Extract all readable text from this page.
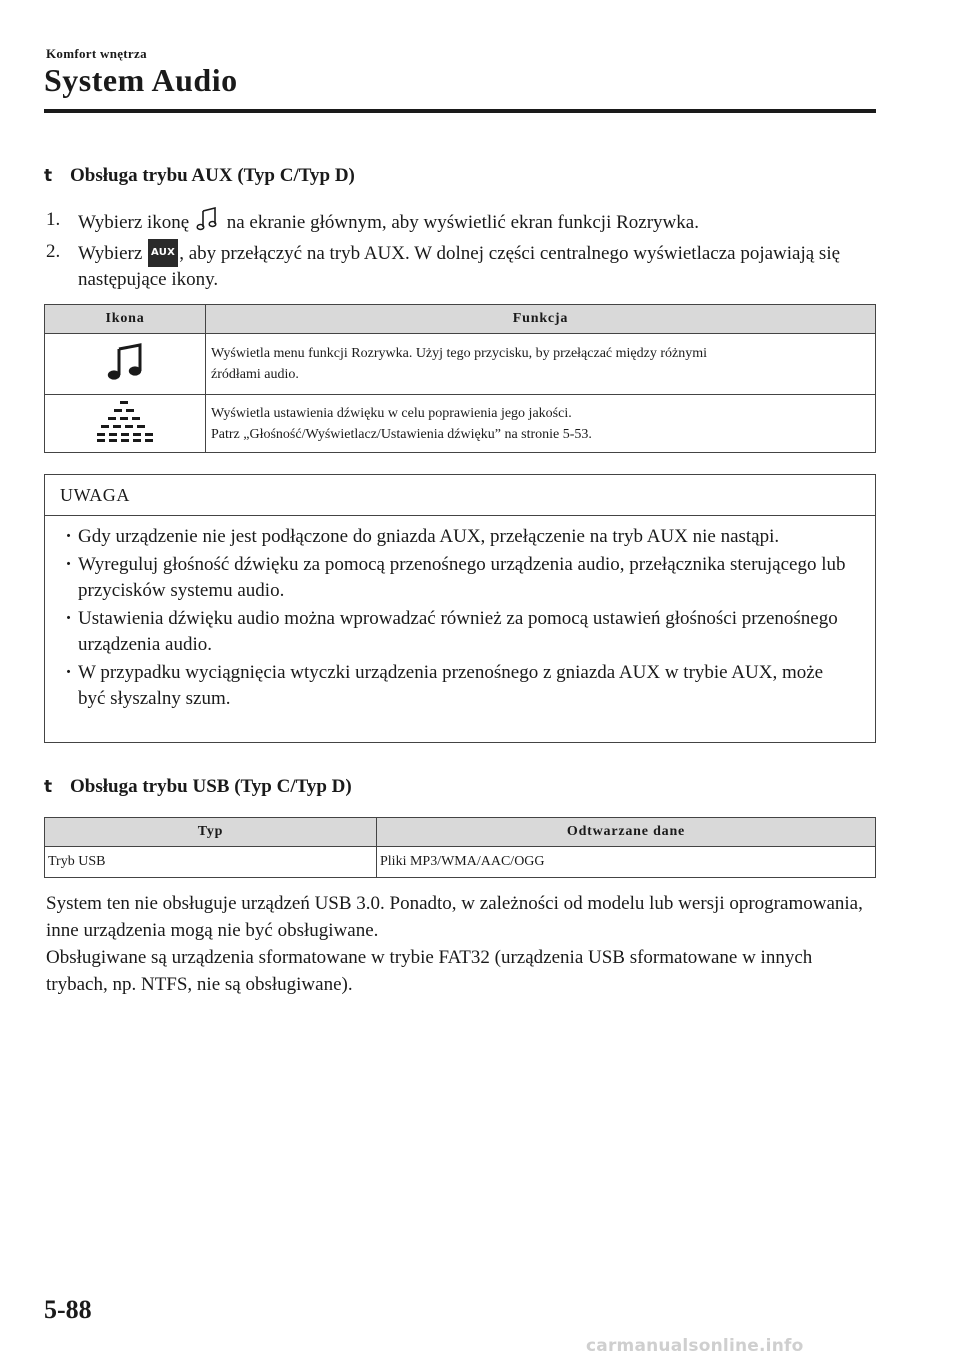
Komfort wnętrza
System Audio
t Obsługa trybu AUX (Typ C/Typ D)
1. Wybierz ikonę na ekranie głównym, aby wyświetlić ekran funkcji Rozrywka.
2. Wybierz AUX , aby przełączyć na tryb AUX. W dolnej części centralnego wyświetlacza pojawiają się następujące ikony.
Ikona	Funkcja
	Wyświetla menu funkcji Rozrywka. Użyj tego przycisku, by przełączać między różnymi
źródłami audio.
	Wyświetla ustawienia dźwięku w celu poprawienia jego jakości.
Patrz „Głośność/Wyświetlacz/Ustawienia dźwięku” na stronie 5-53.
UWAGA
· Gdy urządzenie nie jest podłączone do gniazda AUX, przełączenie na tryb AUX nie nastąpi.
· Wyreguluj głośność dźwięku za pomocą przenośnego urządzenia audio, przełącznika sterującego lub przycisków systemu audio.
· Ustawienia dźwięku audio można wprowadzać również za pomocą ustawień głośności przenośnego urządzenia audio.
· W przypadku wyciągnięcia wtyczki urządzenia przenośnego z gniazda AUX w trybie AUX, może być słyszalny szum.
t Obsługa trybu USB (Typ C/Typ D)
Typ	Odtwarzane dane
Tryb USB	Pliki MP3/WMA/AAC/OGG
System ten nie obsługuje urządzeń USB 3.0. Ponadto, w zależności od modelu lub wersji oprogramowania, inne urządzenia mogą nie być obsługiwane.
Obsługiwane są urządzenia sformatowane w trybie FAT32 (urządzenia USB sformatowane w innych trybach, np. NTFS, nie są obsługiwane).
5-88
carmanualsonline.info
